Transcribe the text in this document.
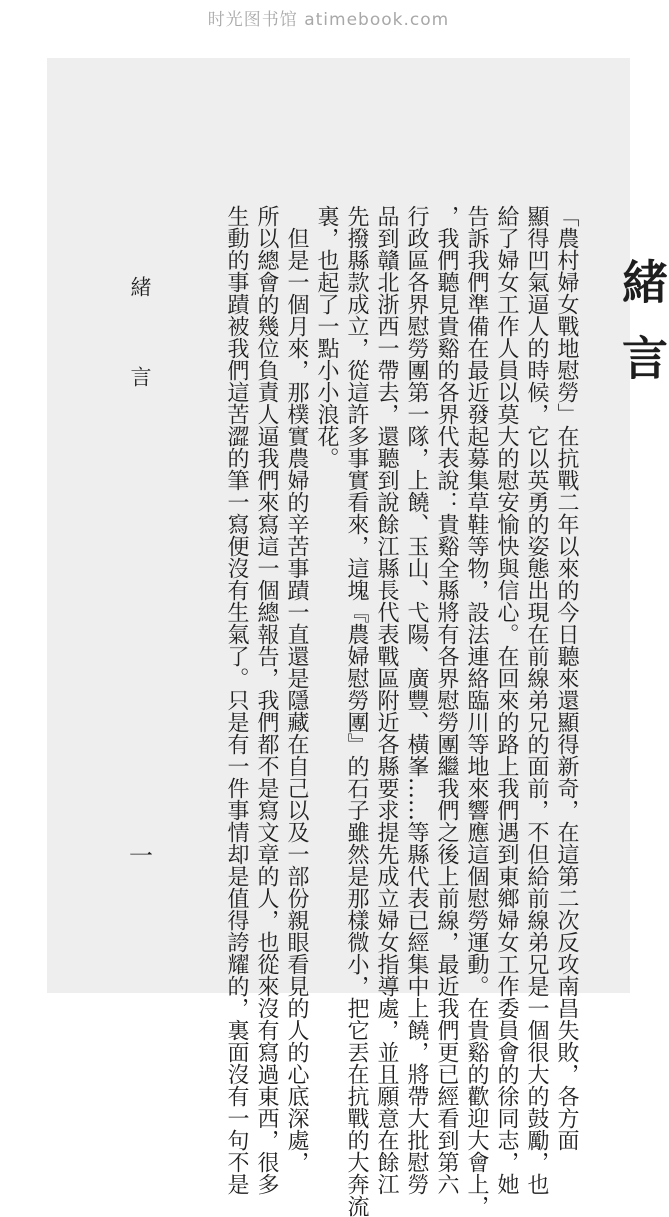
时光图书馆 atimebook.com
緒言
「農村婦女戰地慰勞」在抗戰二年以來的今日聽來還顯得新奇，在這第二次反攻南昌失敗，各方面
顯得凹氣逼人的時候，它以英勇的姿態出現在前線弟兄的面前，不但給前線弟兄是一個很大的鼓勵，也
給了婦女工作人員以莫大的慰安愉快與信心。在回來的路上我們遇到東鄉婦女工作委員會的徐同志，她
告訴我們準備在最近發起募集草鞋等物，設法連絡臨川等地來響應這個慰勞運動。在貴谿的歡迎大會上，
，我們聽見貴谿的各界代表說：貴谿全縣將有各界慰勞團繼我們之後上前線，最近我們更已經看到第六
行政區各界慰勞團第一隊，上饒、玉山、弋陽、廣豐、橫峯……等縣代表已經集中上饒，將帶大批慰勞
品到贛北浙西一帶去，還聽到說餘江縣長代表戰區附近各縣要求提先成立婦女指導處，並且願意在餘江
先撥縣款成立，從這許多事實看來，這塊『農婦慰勞團』的石子雖然是那樣微小，把它丟在抗戰的大奔流
裏，也起了一點小小浪花。
　但是一個月來，那樸實農婦的辛苦事蹟一直還是隱藏在自己以及一部份親眼看見的人的心底深處，
所以總會的幾位負責人逼我們來寫這一個總報告，我們都不是寫文章的人，也從來沒有寫過東西，很多
生動的事蹟被我們這苦澀的筆一寫便沒有生氣了。只是有一件事情却是值得誇耀的，裏面沒有一句不是
緒　言
一
